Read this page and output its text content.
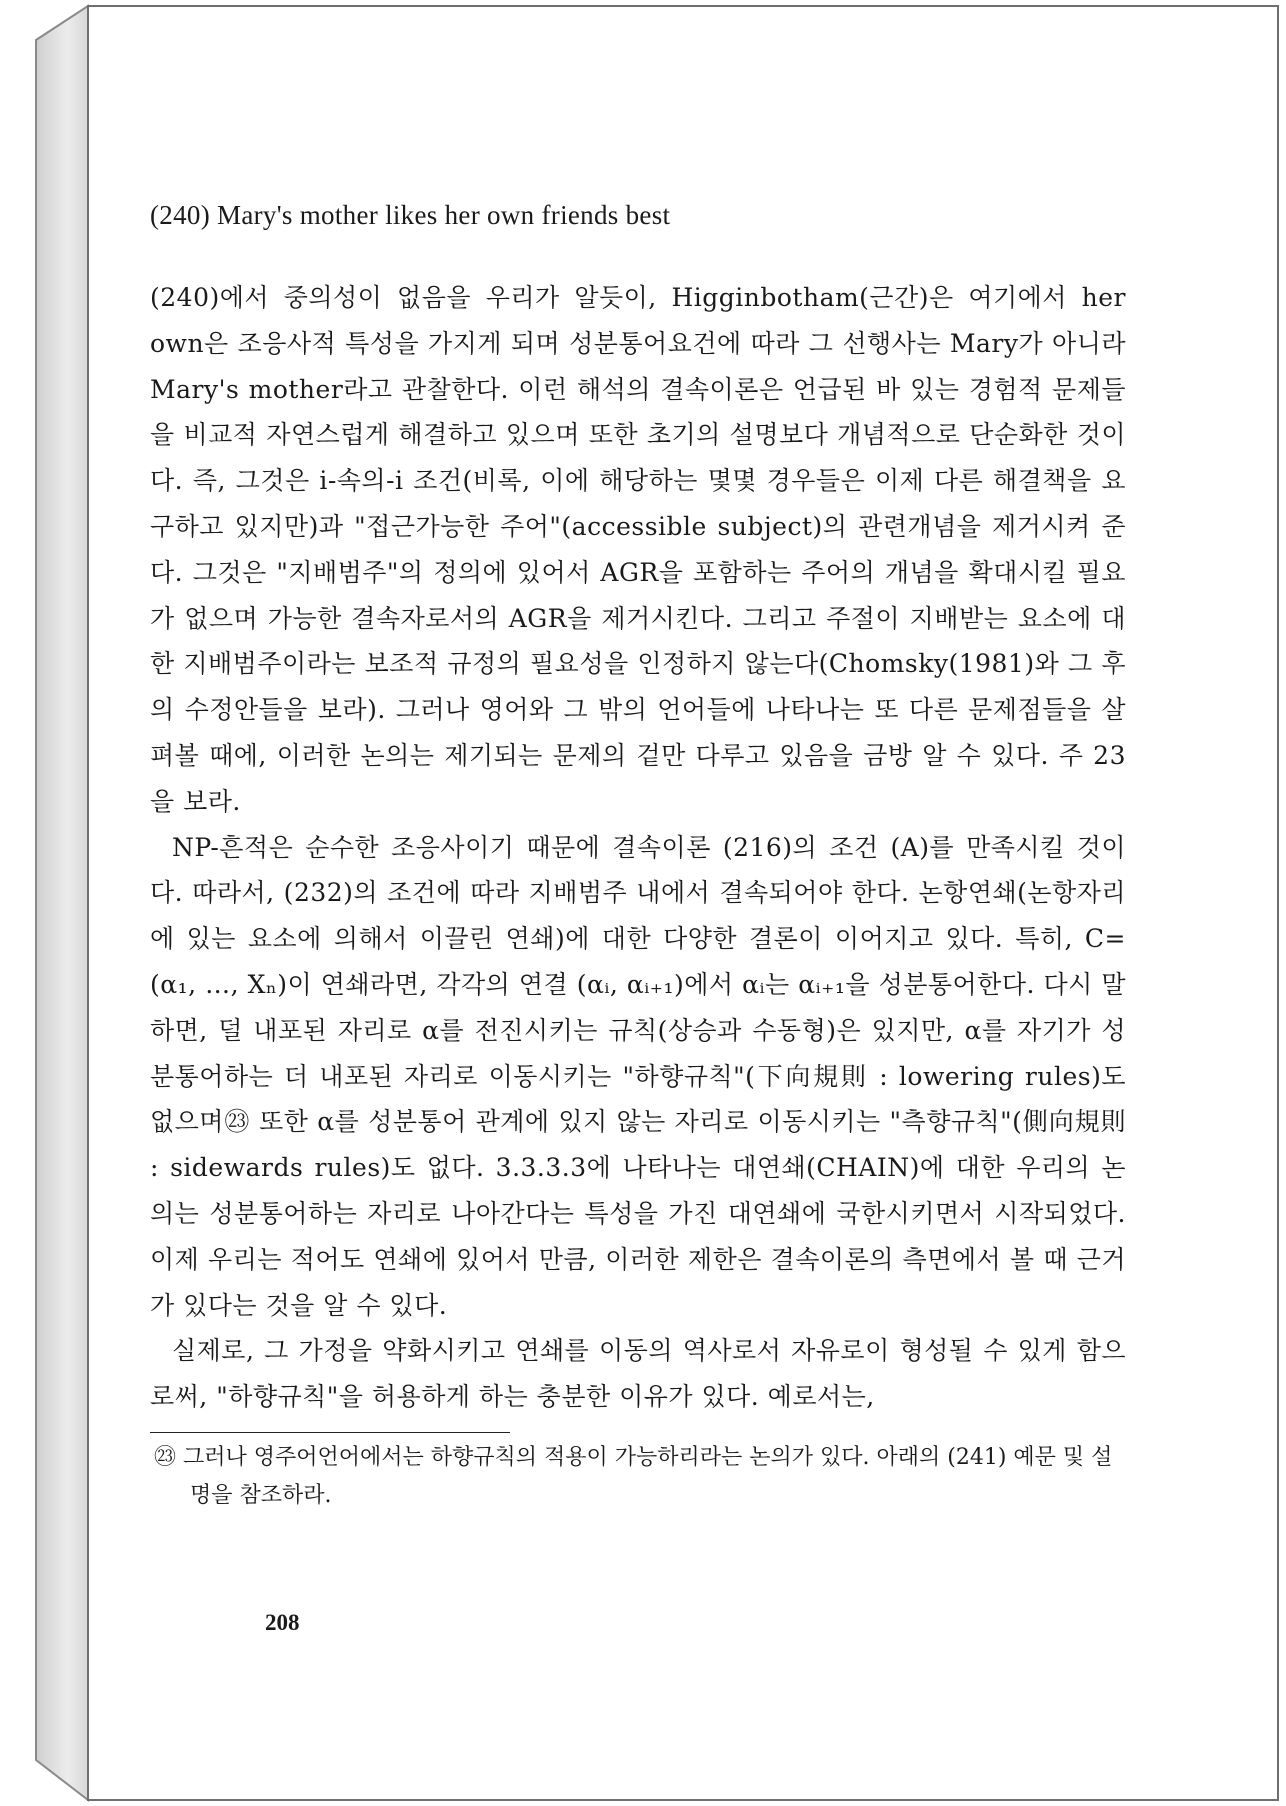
(240) Mary's mother likes her own friends best

(240)에서 중의성이 없음을 우리가 알듯이, Higginbotham(근간)은 여기에서 her own은 조응사적 특성을 가지게 되며 성분통어요건에 따라 그 선행사는 Mary가 아니라 Mary's mother라고 관찰한다. 이런 해석의 결속이론은 언급된 바 있는 경험적 문제들을 비교적 자연스럽게 해결하고 있으며 또한 초기의 설명보다 개념적으로 단순화한 것이다. 즉, 그것은 i-속의-i 조건(비록, 이에 해당하는 몇몇 경우들은 이제 다른 해결책을 요구하고 있지만)과 "접근가능한 주어"(accessible subject)의 관련개념을 제거시켜 준다. 그것은 "지배범주"의 정의에 있어서 AGR을 포함하는 주어의 개념을 확대시킬 필요가 없으며 가능한 결속자로서의 AGR을 제거시킨다. 그리고 주절이 지배받는 요소에 대한 지배범주이라는 보조적 규정의 필요성을 인정하지 않는다(Chomsky(1981)와 그 후의 수정안들을 보라). 그러나 영어와 그 밖의 언어들에 나타나는 또 다른 문제점들을 살펴볼 때에, 이러한 논의는 제기되는 문제의 겉만 다루고 있음을 금방 알 수 있다. 주 23을 보라.

NP-흔적은 순수한 조응사이기 때문에 결속이론 (216)의 조건 (A)를 만족시킬 것이다. 따라서, (232)의 조건에 따라 지배범주 내에서 결속되어야 한다. 논항연쇄(논항자리에 있는 요소에 의해서 이끌린 연쇄)에 대한 다양한 결론이 이어지고 있다. 특히, C=(α₁, …, Xₙ)이 연쇄라면, 각각의 연결 (αᵢ, αᵢ₊₁)에서 αᵢ는 αᵢ₊₁을 성분통어한다. 다시 말하면, 덜 내포된 자리로 α를 전진시키는 규칙(상승과 수동형)은 있지만, α를 자기가 성분통어하는 더 내포된 자리로 이동시키는 "하향규칙"(下向規則 : lowering rules)도 없으며㉓ 또한 α를 성분통어 관계에 있지 않는 자리로 이동시키는 "측향규칙"(側向規則 : sidewards rules)도 없다. 3.3.3.3에 나타나는 대연쇄(CHAIN)에 대한 우리의 논의는 성분통어하는 자리로 나아간다는 특성을 가진 대연쇄에 국한시키면서 시작되었다. 이제 우리는 적어도 연쇄에 있어서 만큼, 이러한 제한은 결속이론의 측면에서 볼 때 근거가 있다는 것을 알 수 있다.

실제로, 그 가정을 약화시키고 연쇄를 이동의 역사로서 자유로이 형성될 수 있게 함으로써, "하향규칙"을 허용하게 하는 충분한 이유가 있다. 예로서는,

㉓ 그러나 영주어언어에서는 하향규칙의 적용이 가능하리라는 논의가 있다. 아래의 (241) 예문 및 설명을 참조하라.

208
